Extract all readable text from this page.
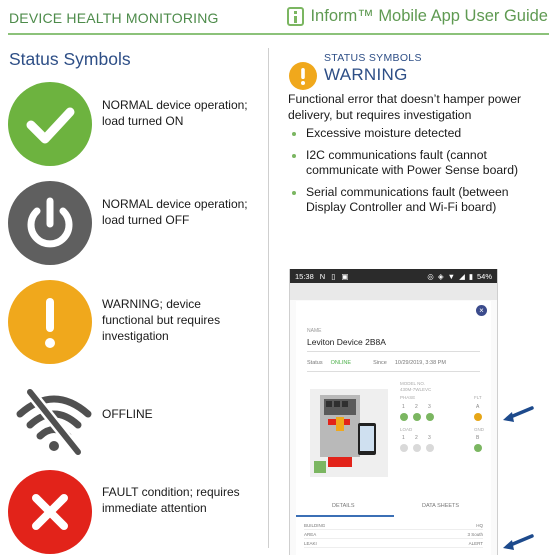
DEVICE HEALTH MONITORING	Inform™ Mobile App User Guide
Status Symbols
NORMAL device operation; load turned ON
NORMAL device operation; load turned OFF
WARNING; device functional but requires investigation
OFFLINE
FAULT condition; requires immediate attention
STATUS SYMBOLS
WARNING
Functional error that doesn’t hamper power delivery, but requires investigation
Excessive moisture detected
I2C communications fault (cannot communicate with Power Sense board)
Serial communications fault (between Display Controller and Wi-Fi board)
15:38 N ▯ ▣	◎ ◈ ▼ ◢ ▮ 54%
×
NAME
Leviton Device 2B8A
Status ONLINE	Since 10/29/2019, 3:38 PM
MODEL NO.
430M-7WLEVC
PHASE	FLT
1 2 3	A
LOAD	GND
1 2 3	B
DETAILS	DATA SHEETS
BUILDING	HQ
AREA	3 South
LEAKI	ALERT
